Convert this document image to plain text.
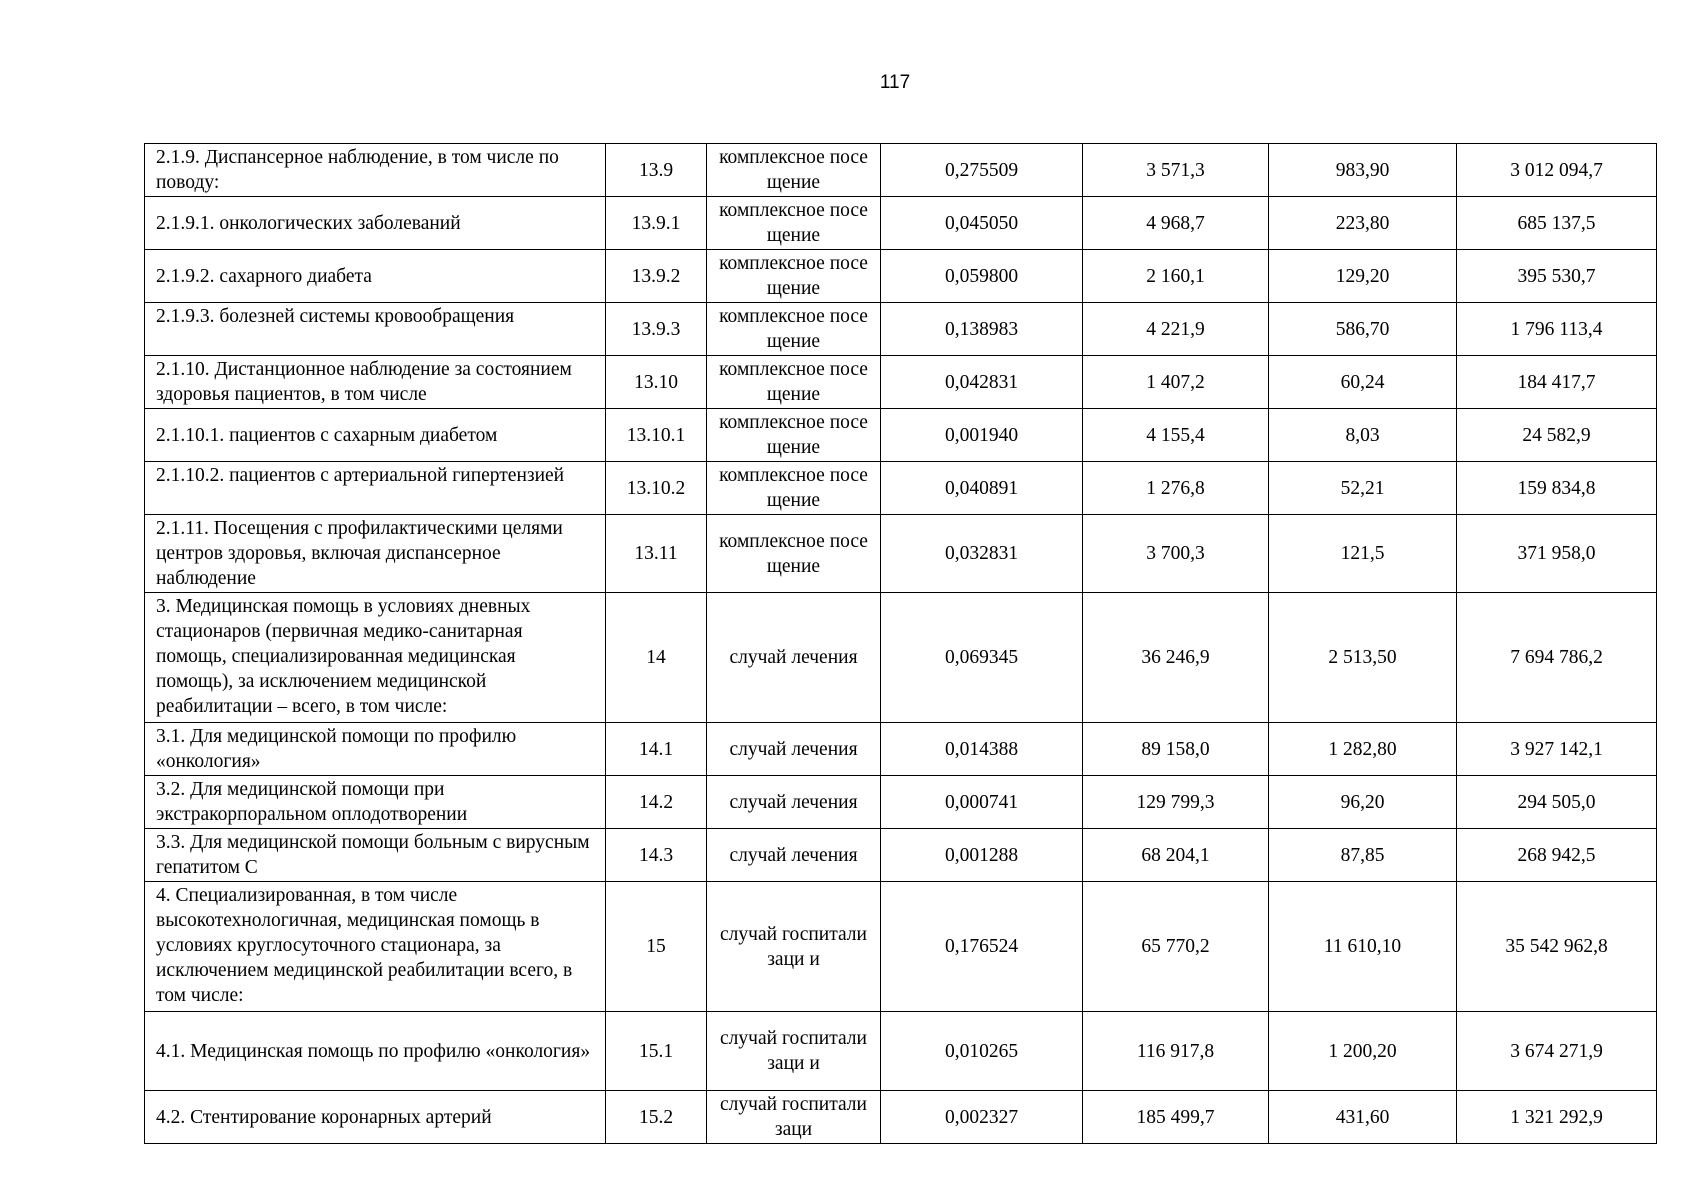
117
2.1.9. Диспансерное наблюдение, в том числе по поводу:	13.9	комплексное посещение	0,275509	3 571,3	983,90	3 012 094,7
2.1.9.1. онкологических заболеваний	13.9.1	комплексное посещение	0,045050	4 968,7	223,80	685 137,5
2.1.9.2. сахарного диабета	13.9.2	комплексное посещение	0,059800	2 160,1	129,20	395 530,7
2.1.9.3. болезней системы кровообращения	13.9.3	комплексное посещение	0,138983	4 221,9	586,70	1 796 113,4
2.1.10. Дистанционное наблюдение за состоянием здоровья пациентов, в том числе	13.10	комплексное посещение	0,042831	1 407,2	60,24	184 417,7
2.1.10.1. пациентов с сахарным диабетом	13.10.1	комплексное посещение	0,001940	4 155,4	8,03	24 582,9
2.1.10.2. пациентов с артериальной гипертензией	13.10.2	комплексное посещение	0,040891	1 276,8	52,21	159 834,8
2.1.11. Посещения с профилактическими целями центров здоровья, включая диспансерное наблюдение	13.11	комплексное посещение	0,032831	3 700,3	121,5	371 958,0
3. Медицинская помощь в условиях дневных стационаров (первичная медико-санитарная помощь, специализированная медицинская помощь), за исключением медицинской реабилитации – всего, в том числе:	14	случай лечения	0,069345	36 246,9	2 513,50	7 694 786,2
3.1. Для медицинской помощи по профилю «онкология»	14.1	случай лечения	0,014388	89 158,0	1 282,80	3 927 142,1
3.2. Для медицинской помощи при экстракорпоральном оплодотворении	14.2	случай лечения	0,000741	129 799,3	96,20	294 505,0
3.3. Для медицинской помощи больным с вирусным гепатитом С	14.3	случай лечения	0,001288	68 204,1	87,85	268 942,5
4. Специализированная, в том числе высокотехнологичная, медицинская помощь в условиях круглосуточного стационара, за исключением медицинской реабилитации всего, в том числе:	15	случай госпитализаци и	0,176524	65 770,2	11 610,10	35 542 962,8
4.1. Медицинская помощь по профилю «онкология»	15.1	случай госпитализаци и	0,010265	116 917,8	1 200,20	3 674 271,9
4.2. Стентирование коронарных артерий	15.2	случай госпитализаци	0,002327	185 499,7	431,60	1 321 292,9
